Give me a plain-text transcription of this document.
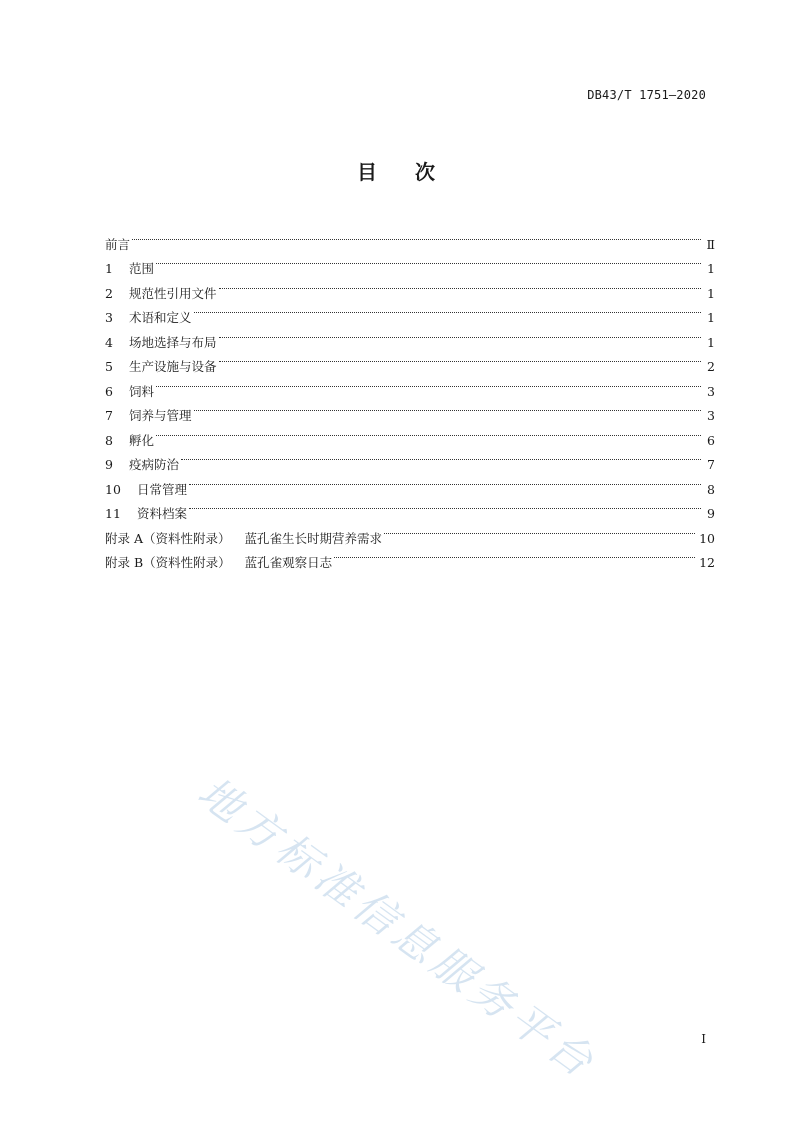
DB43/T 1751—2020
目次
前言	Ⅱ
1	范围	1
2	规范性引用文件	1
3	术语和定义	1
4	场地选择与布局	1
5	生产设施与设备	2
6	饲料	3
7	饲养与管理	3
8	孵化	6
9	疫病防治	7
10	日常管理	8
11	资料档案	9
附录 A（资料性附录） 蓝孔雀生长时期营养需求	10
附录 B（资料性附录） 蓝孔雀观察日志	12
地方标准信息服务平台	I
